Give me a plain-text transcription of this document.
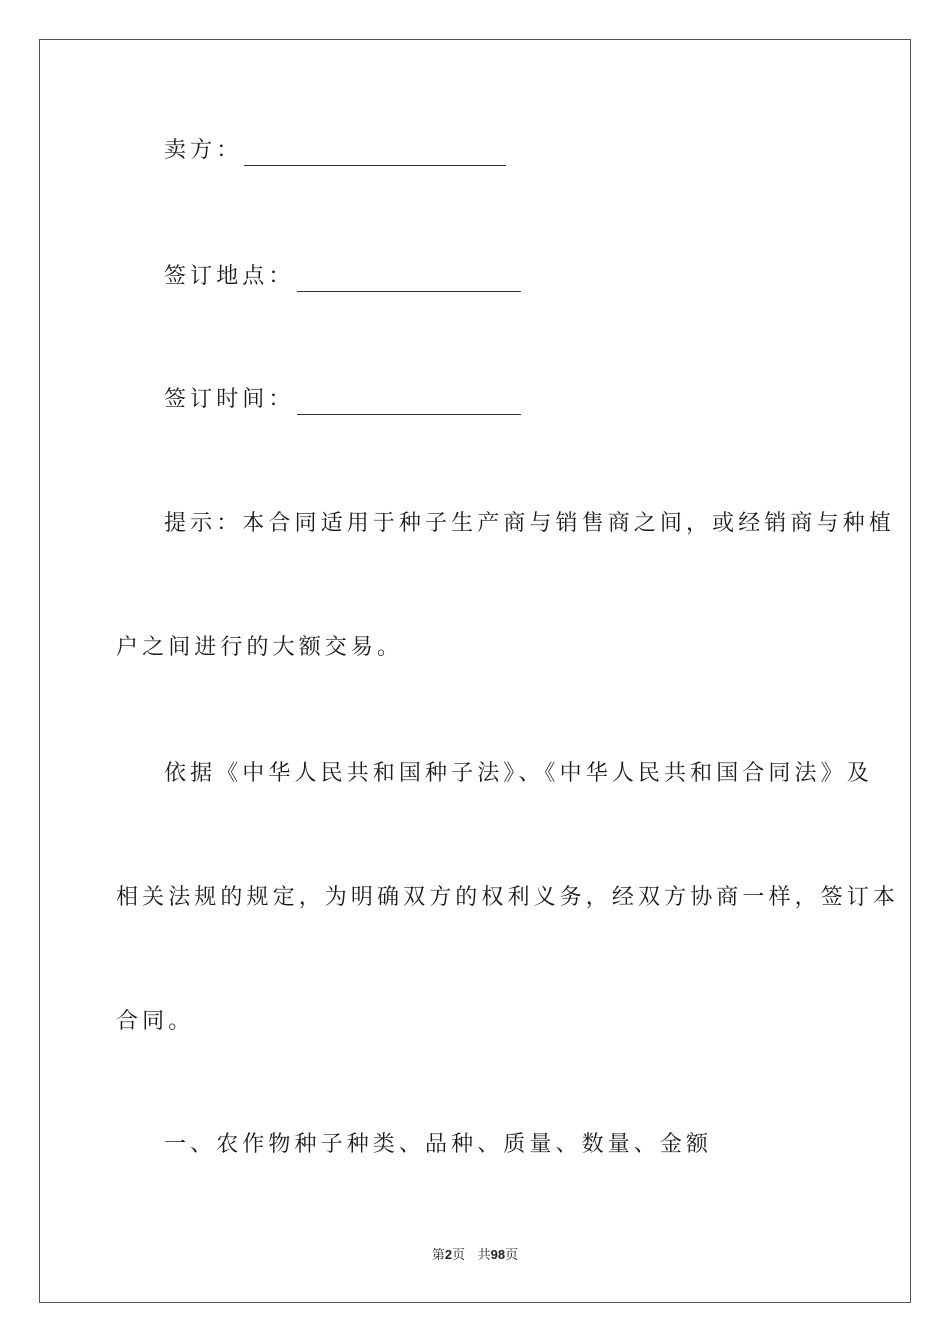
卖方：
签订地点：
签订时间：
提示：本合同适用于种子生产商与销售商之间，或经销商与种植
户之间进行的大额交易。
依据《中华人民共和国种子法》、《中华人民共和国合同法》及
相关法规的规定，为明确双方的权利义务，经双方协商一样，签订本
合同。
一、农作物种子种类、品种、质量、数量、金额
第2页 共98页
